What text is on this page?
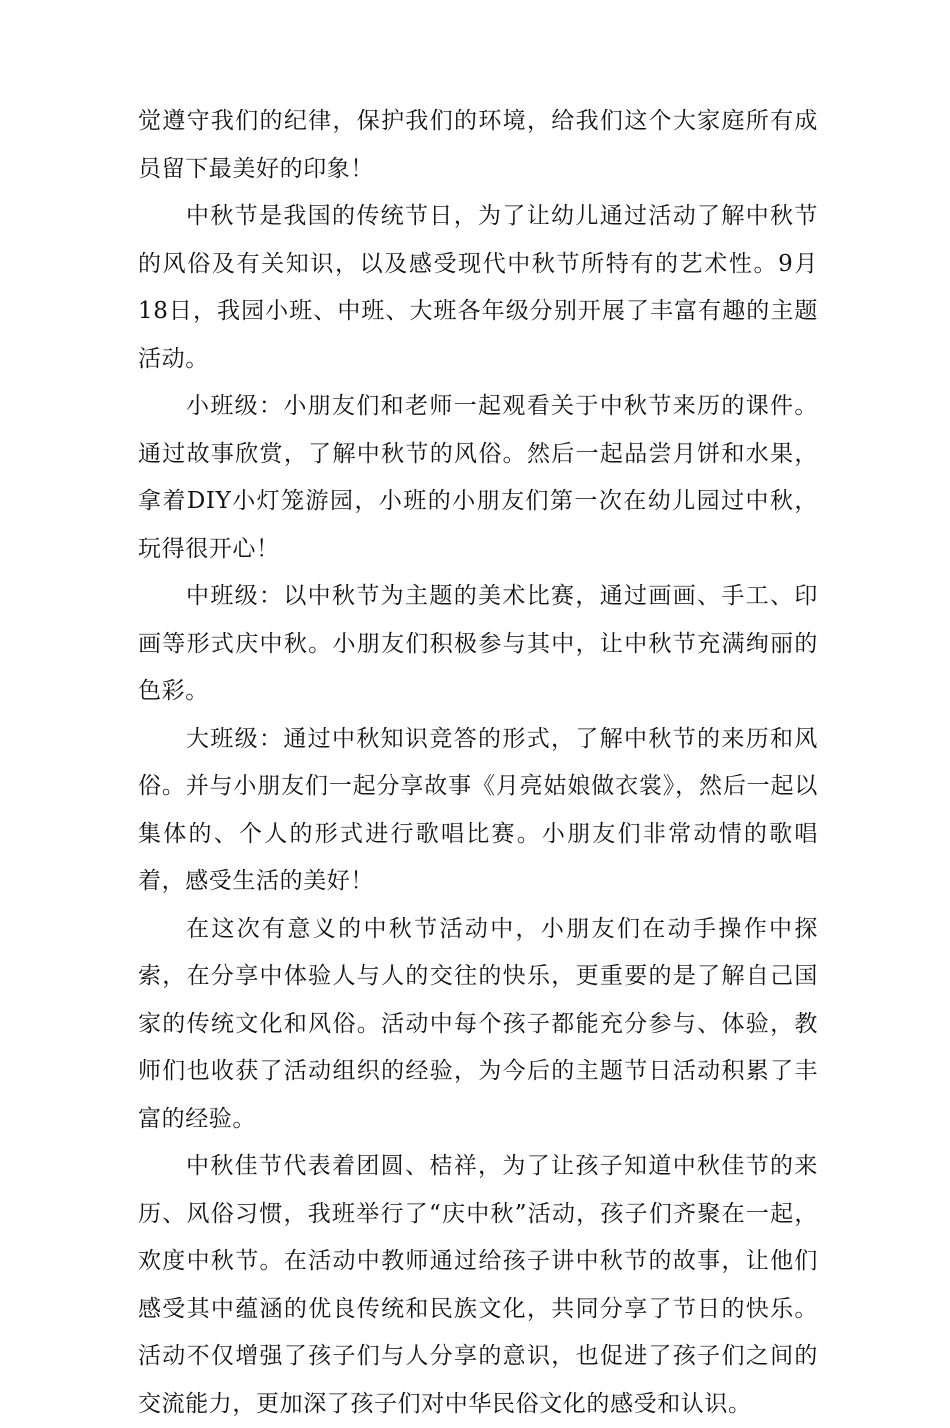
觉遵守我们的纪律，保护我们的环境，给我们这个大家庭所有成员留下最美好的印象！

中秋节是我国的传统节日，为了让幼儿通过活动了解中秋节的风俗及有关知识，以及感受现代中秋节所特有的艺术性。9月18日，我园小班、中班、大班各年级分别开展了丰富有趣的主题活动。

小班级：小朋友们和老师一起观看关于中秋节来历的课件。通过故事欣赏，了解中秋节的风俗。然后一起品尝月饼和水果，拿着DIY小灯笼游园，小班的小朋友们第一次在幼儿园过中秋，玩得很开心！

中班级：以中秋节为主题的美术比赛，通过画画、手工、印画等形式庆中秋。小朋友们积极参与其中，让中秋节充满绚丽的色彩。

大班级：通过中秋知识竞答的形式，了解中秋节的来历和风俗。并与小朋友们一起分享故事《月亮姑娘做衣裳》，然后一起以集体的、个人的形式进行歌唱比赛。小朋友们非常动情的歌唱着，感受生活的美好！

在这次有意义的中秋节活动中，小朋友们在动手操作中探索，在分享中体验人与人的交往的快乐，更重要的是了解自己国家的传统文化和风俗。活动中每个孩子都能充分参与、体验，教师们也收获了活动组织的经验，为今后的主题节日活动积累了丰富的经验。

中秋佳节代表着团圆、桔祥，为了让孩子知道中秋佳节的来历、风俗习惯，我班举行了“庆中秋”活动，孩子们齐聚在一起，欢度中秋节。在活动中教师通过给孩子讲中秋节的故事，让他们感受其中蕴涵的优良传统和民族文化，共同分享了节日的快乐。活动不仅增强了孩子们与人分享的意识，也促进了孩子们之间的交流能力，更加深了孩子们对中华民俗文化的感受和认识。
